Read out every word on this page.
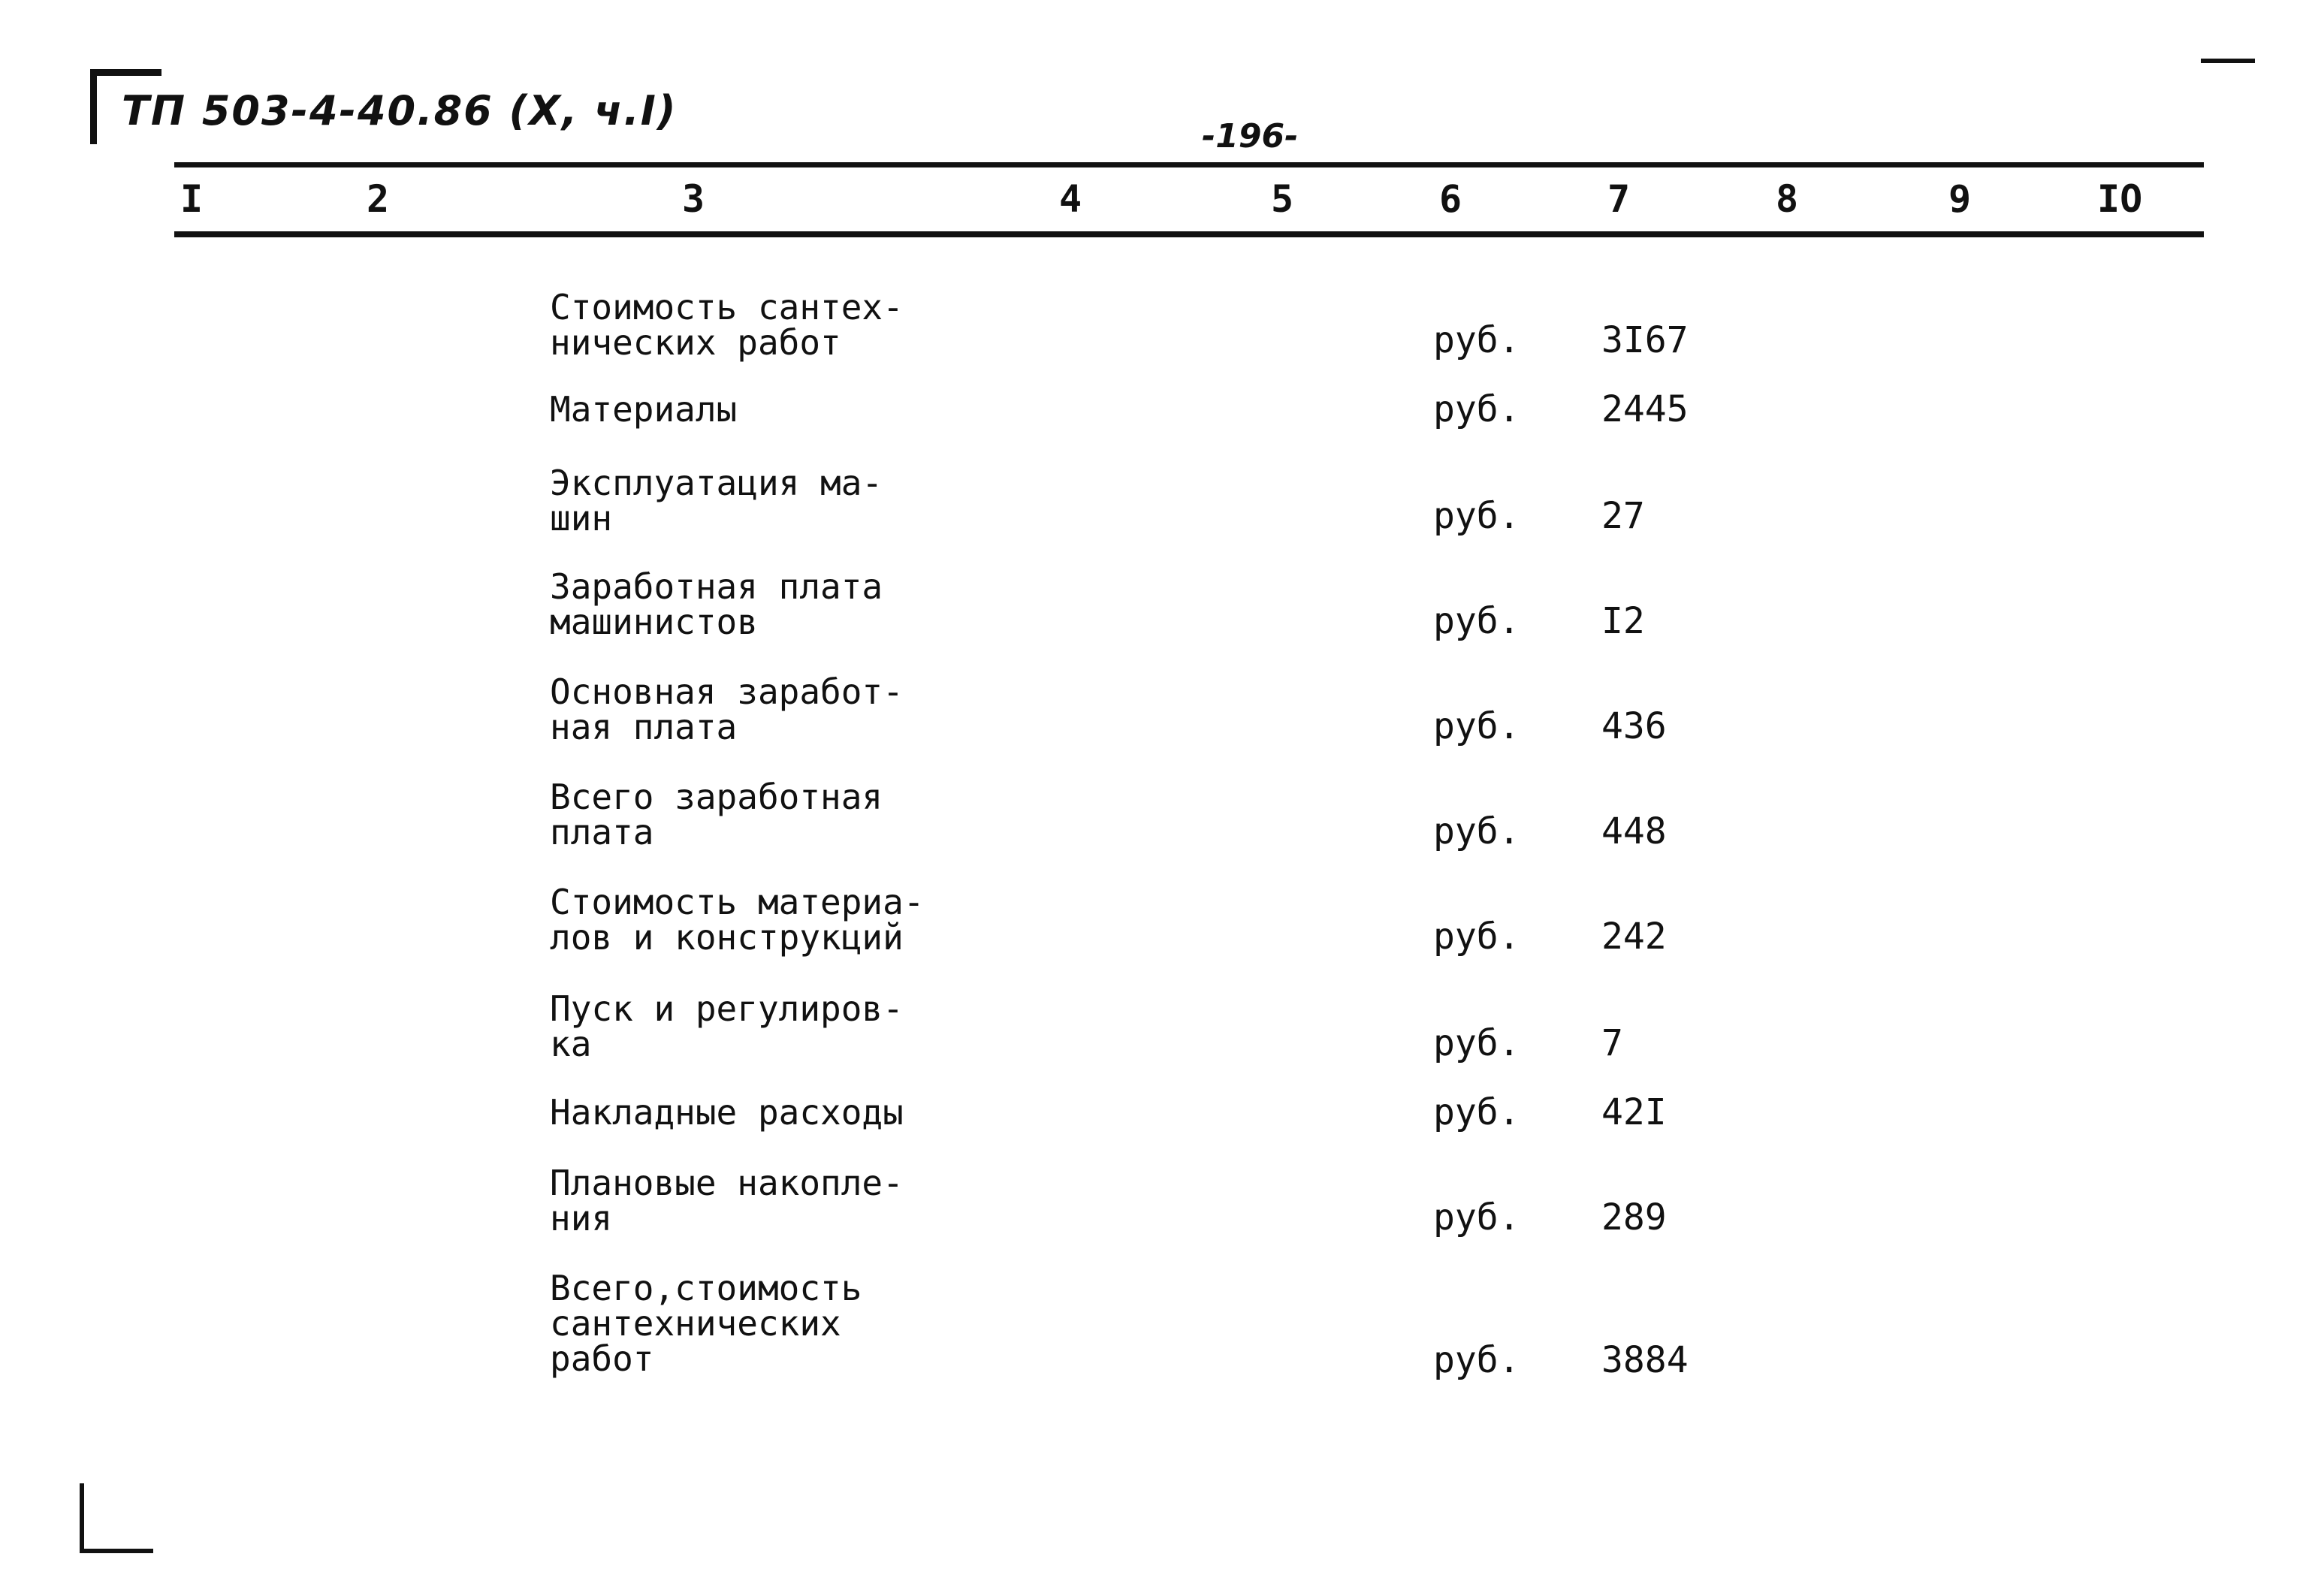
ТП 503-4-40.86 (Х, ч.І)
-196-
I	2	3	4	5	6	7	8	9	IO
Стоимость сантех-
нических работ	руб. 3I67
Материалы	руб. 2445
Эксплуатация ма-
шин	руб. 27
Заработная плата
машинистов	руб. I2
Основная заработ-
ная плата	руб. 436
Всего заработная
плата	руб. 448
Стоимость материа-
лов и конструкций	руб. 242
Пуск и регулиров-
ка	руб. 7
Накладные расходы	руб. 42I
Плановые накопле-
ния	руб. 289
Всего,стоимость
сантехнических
работ	руб. 3884
